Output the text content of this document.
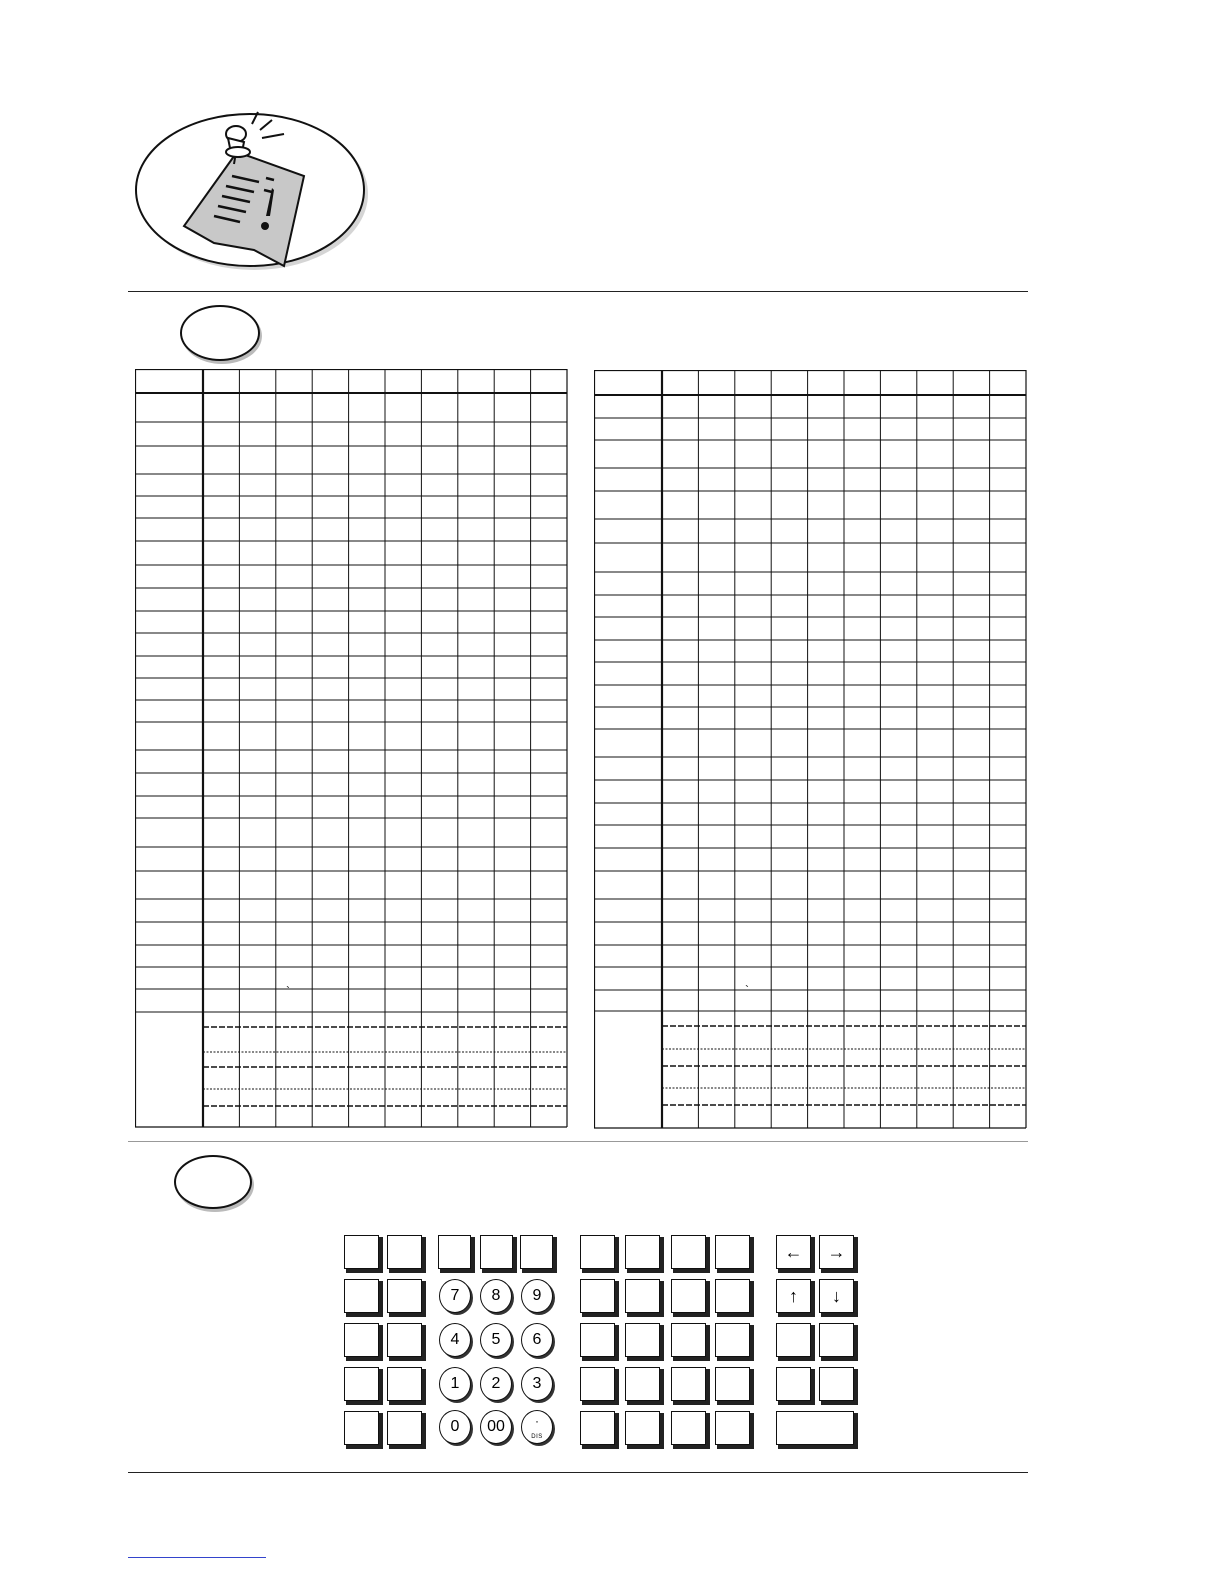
`	`
7 8 9
4 5 6
1 2 3
0 00	·
DIS
← →
↑ ↓
